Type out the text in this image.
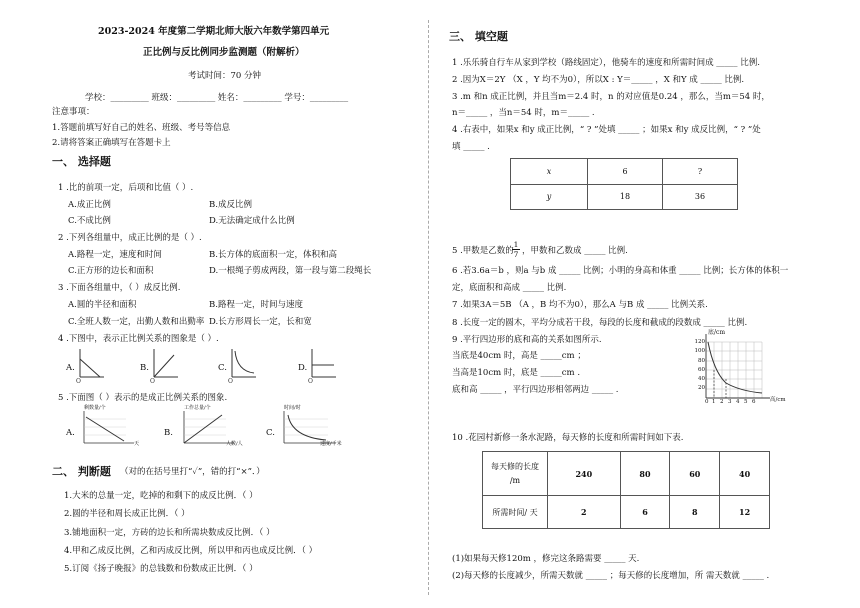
2023-2024 年度第二学期北师大版六年数学第四单元
正比例与反比例同步监测题（附解析）
考试时间：70 分钟
学校：_________ 班级：_________ 姓名：_________ 学号：_________
注意事项：
1.答题前填写好自己的姓名、班级、考号等信息
2.请将答案正确填写在答题卡上
一、 选择题
1 .比的前项一定，后项和比值（ ）.
A.成正比例	B.成反比例
C.不成比例	D.无法确定成什么比例
2 .下列各组量中，成正比例的是（ ）.
A.路程一定，速度和时间	B.长方体的底面积一定，体积和高
C.正方形的边长和面积	D.一根绳子剪成两段，第一段与第二段绳长
3 .下面各组量中，（ ）成反比例.
A.圆的半径和面积	B.路程一定，时间与速度
C.全班人数一定，出勤人数和出勤率 D.长方形周长一定，长和宽
4 .下图中，表示正比例关系的图象是（ ）.
A.
O
B.
O
C.
O
D.
O
5 .下面图（ ）表示的是成正比例关系的图象.
A.
剩数量/个
天
B.
工作总量/个
人数/人
C.
时间/时
速度/千米
二、 判断题 （对的在括号里打“✓”，错的打“×”．）
1.大米的总量一定，吃掉的和剩下的成反比例．（ ）
2.圆的半径和周长成正比例．（ ）
3.铺地面积一定，方砖的边长和所需块数成反比例．（ ）
4.甲和乙成反比例，乙和丙成反比例，所以甲和丙也成反比例．（ ）
5.订阅《扬子晚报》的总钱数和份数成正比例．（ ）
三、 填空题
1 .乐乐骑自行车从家到学校（路线固定），他骑车的速度和所需时间成 _____ 比例.
2 .因为X＝2Y （X ，Y 均不为0），所以X : Y＝_____ ，X 和Y 成 _____ 比例.
3 .m 和n 成正比例，并且当m＝2.4 时，n 的对应值是0.24 ，那么，当m＝54 时，
n＝_____ ，当n＝54 时，m＝_____ .
4 .右表中，如果x 和y 成正比例，“ ? ”处填 _____ ；如果x 和y 成反比例，“ ? ”处
填 _____ .
x	6	?
y	18	36
5 .甲数是乙数的
$\frac{1}{7}$ ，甲数和乙数成 _____ 比例.
6 .若3.6a＝b ，则a 与b 成 _____ 比例；小明的身高和体重 _____ 比例；长方体的体积一
定，底面积和高成 _____ 比例.
7 .如果3A＝5B （A ，B 均不为0），那么A 与B 成 _____ 比例关系.
8 .长度一定的圆木，平均分成若干段，每段的长度和截成的段数成 _____ 比例.
9 .平行四边形的底和高的关系如图所示.
当底是40cm 时，高是 _____cm ；
当高是10cm 时，底是 _____cm .
底和高 _____ ，平行四边形相邻两边 _____ .
底/cm
高/cm
120
100
80
60
40
20
0 1 2 3 4 5 6
10 .花园村新修一条水泥路，每天修的长度和所需时间如下表.
每天修的长度
/m	240	80	60	40
所需时间/ 天	2	6	8	12
(1)如果每天修120m ，修完这条路需要 _____ 天.
(2)每天修的长度减少，所需天数就 _____ ；每天修的长度增加，所 需天数就 _____ .
